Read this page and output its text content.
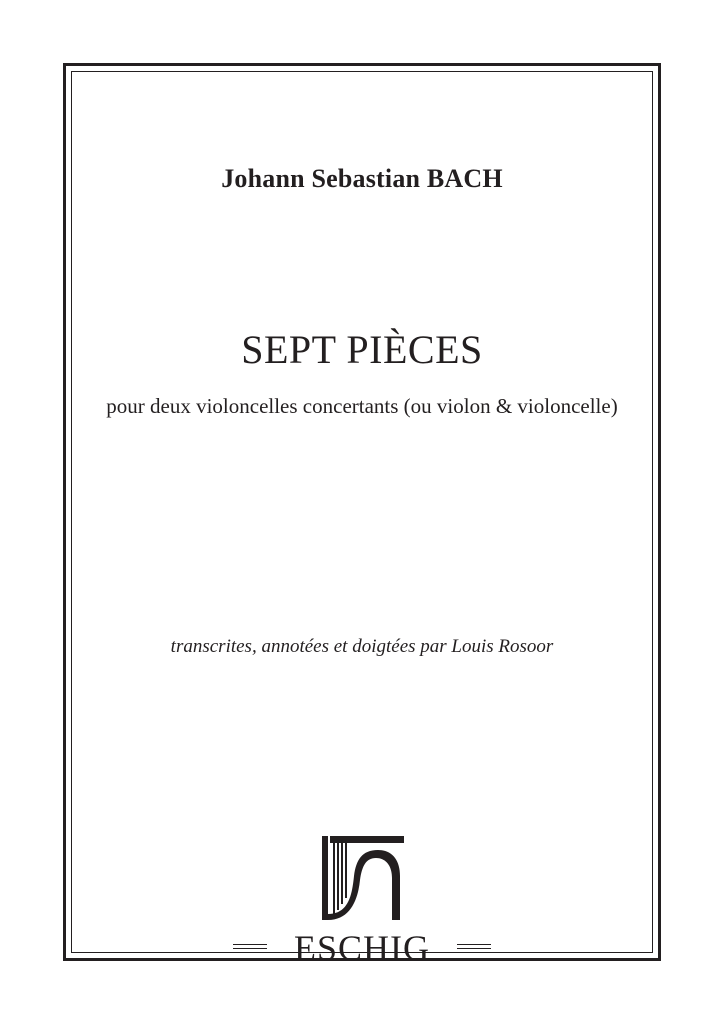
Johann Sebastian BACH
SEPT PIÈCES
pour deux violoncelles concertants (ou violon & violoncelle)
transcrites, annotées et doigtées par Louis Rosoor
ESCHIG
